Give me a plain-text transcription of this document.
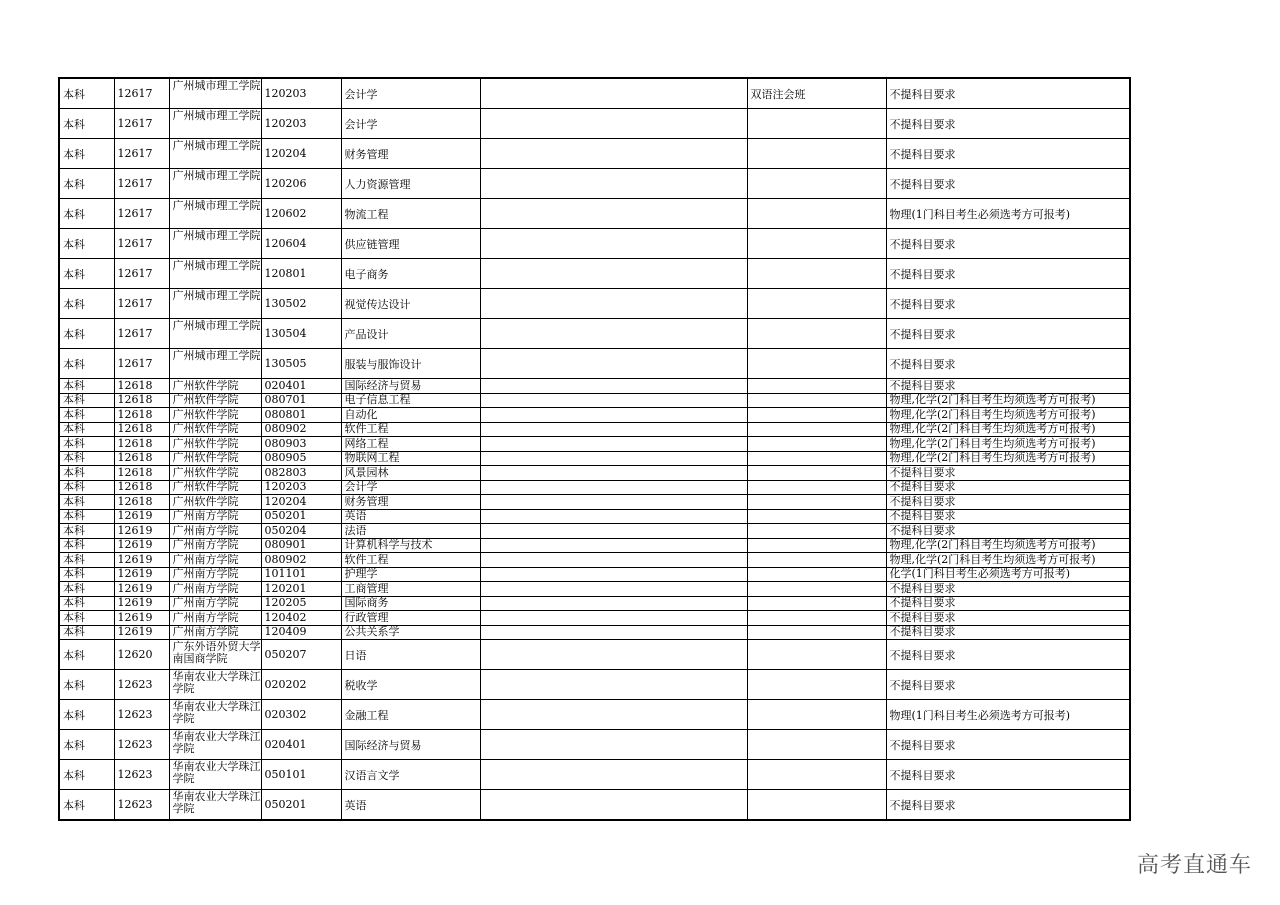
本科	12617	广州城市理工学院	120203	会计学		双语注会班	不提科目要求
本科	12617	广州城市理工学院	120203	会计学			不提科目要求
本科	12617	广州城市理工学院	120204	财务管理			不提科目要求
本科	12617	广州城市理工学院	120206	人力资源管理			不提科目要求
本科	12617	广州城市理工学院	120602	物流工程			物理(1门科目考生必须选考方可报考)
本科	12617	广州城市理工学院	120604	供应链管理			不提科目要求
本科	12617	广州城市理工学院	120801	电子商务			不提科目要求
本科	12617	广州城市理工学院	130502	视觉传达设计			不提科目要求
本科	12617	广州城市理工学院	130504	产品设计			不提科目要求
本科	12617	广州城市理工学院	130505	服装与服饰设计			不提科目要求
本科	12618	广州软件学院	020401	国际经济与贸易			不提科目要求
本科	12618	广州软件学院	080701	电子信息工程			物理,化学(2门科目考生均须选考方可报考)
本科	12618	广州软件学院	080801	自动化			物理,化学(2门科目考生均须选考方可报考)
本科	12618	广州软件学院	080902	软件工程			物理,化学(2门科目考生均须选考方可报考)
本科	12618	广州软件学院	080903	网络工程			物理,化学(2门科目考生均须选考方可报考)
本科	12618	广州软件学院	080905	物联网工程			物理,化学(2门科目考生均须选考方可报考)
本科	12618	广州软件学院	082803	风景园林			不提科目要求
本科	12618	广州软件学院	120203	会计学			不提科目要求
本科	12618	广州软件学院	120204	财务管理			不提科目要求
本科	12619	广州南方学院	050201	英语			不提科目要求
本科	12619	广州南方学院	050204	法语			不提科目要求
本科	12619	广州南方学院	080901	计算机科学与技术			物理,化学(2门科目考生均须选考方可报考)
本科	12619	广州南方学院	080902	软件工程			物理,化学(2门科目考生均须选考方可报考)
本科	12619	广州南方学院	101101	护理学			化学(1门科目考生必须选考方可报考)
本科	12619	广州南方学院	120201	工商管理			不提科目要求
本科	12619	广州南方学院	120205	国际商务			不提科目要求
本科	12619	广州南方学院	120402	行政管理			不提科目要求
本科	12619	广州南方学院	120409	公共关系学			不提科目要求
本科	12620	广东外语外贸大学南国商学院	050207	日语			不提科目要求
本科	12623	华南农业大学珠江学院	020202	税收学			不提科目要求
本科	12623	华南农业大学珠江学院	020302	金融工程			物理(1门科目考生必须选考方可报考)
本科	12623	华南农业大学珠江学院	020401	国际经济与贸易			不提科目要求
本科	12623	华南农业大学珠江学院	050101	汉语言文学			不提科目要求
本科	12623	华南农业大学珠江学院	050201	英语			不提科目要求
高考直通车
